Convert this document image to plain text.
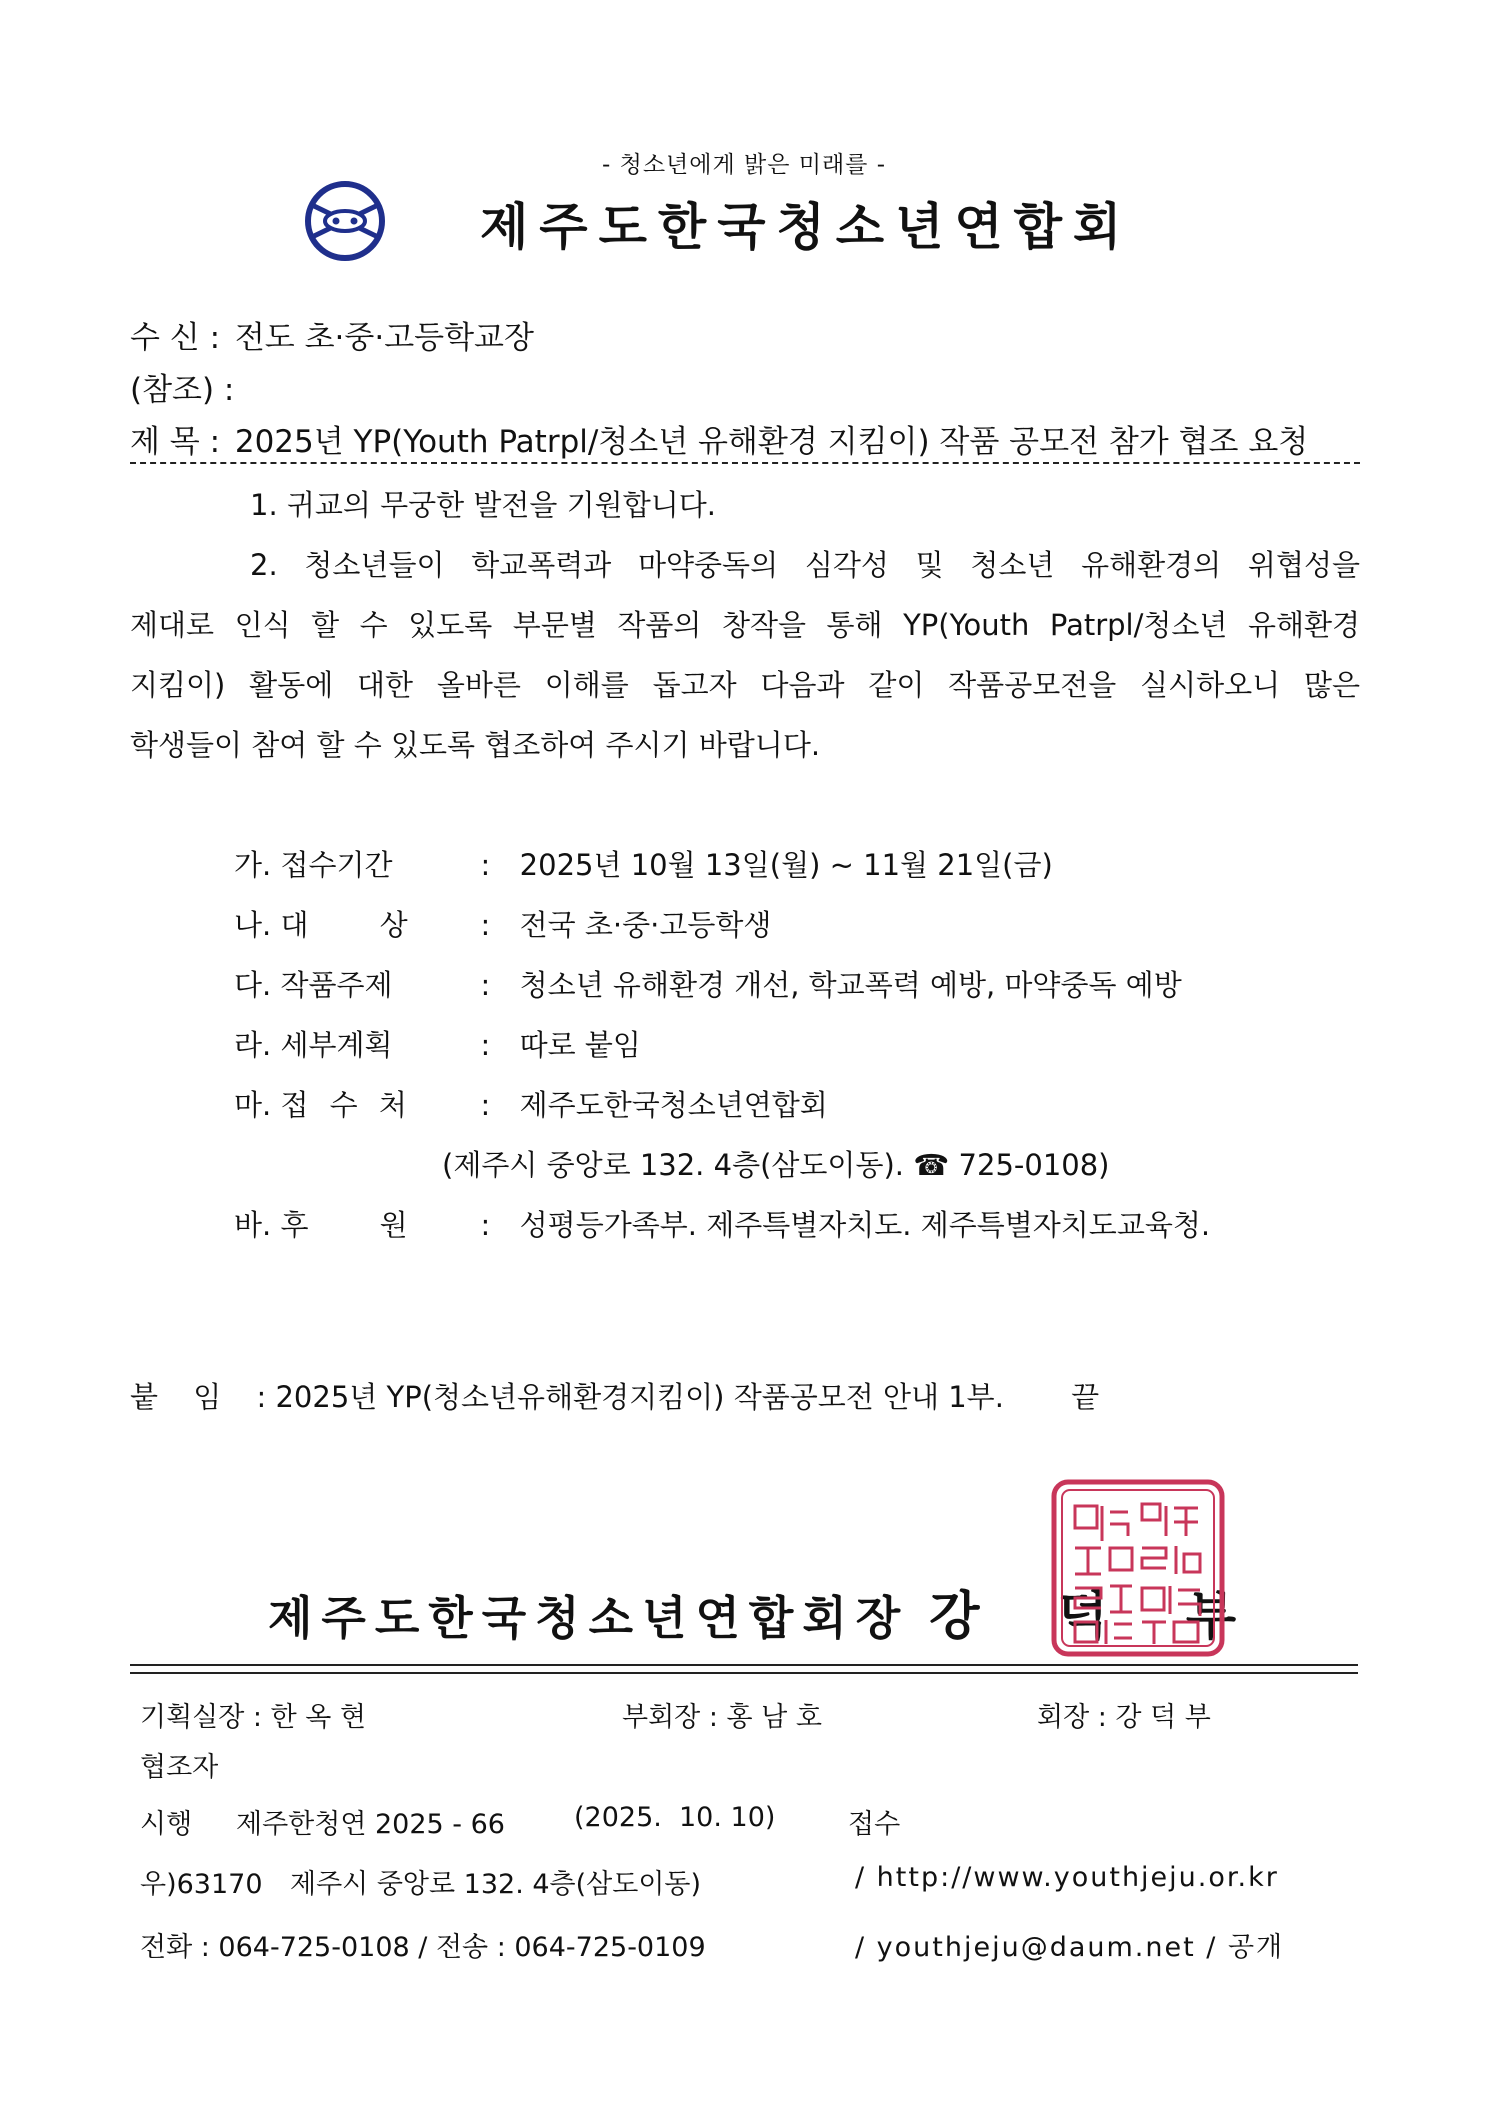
- 청소년에게 밝은 미래를 -
제주도한국청소년연합회
수 신 : 전도 초·중·고등학교장
(참조) :
제 목 : 2025년 YP(Youth Patrpl/청소년 유해환경 지킴이) 작품 공모전 참가 협조 요청
1. 귀교의 무궁한 발전을 기원합니다.
2. 청소년들이 학교폭력과 마약중독의 심각성 및 청소년 유해환경의 위협성을
제대로 인식 할 수 있도록 부문별 작품의 창작을 통해 YP(Youth Patrpl/청소년 유해환경
지킴이) 활동에 대한 올바른 이해를 돕고자 다음과 같이 작품공모전을 실시하오니 많은
학생들이 참여 할 수 있도록 협조하여 주시기 바랍니다.
가. 접수기간	: 2025년 10월 13일(월) ~ 11월 21일(금)
나. 대 상	: 전국 초·중·고등학생
다. 작품주제	: 청소년 유해환경 개선, 학교폭력 예방, 마약중독 예방
라. 세부계획	: 따로 붙임
마. 접 수 처	: 제주도한국청소년연합회
(제주시 중앙로 132. 4층(삼도이동). ☎ 725-0108)
바. 후 원	: 성평등가족부. 제주특별자치도. 제주특별자치도교육청.
붙 임 : 2025년 YP(청소년유해환경지킴이) 작품공모전 안내 1부. 끝
제주도한국청소년연합회장 강 덕 부
기획실장 : 한 옥 현	부회장 : 홍 남 호	회장 : 강 덕 부
협조자
시행 제주한청연 2025 - 66	(2025.  10. 10)	접수
우)63170 제주시 중앙로 132. 4층(삼도이동)	/ http://www.youthjeju.or.kr
전화 : 064-725-0108 / 전송 : 064-725-0109	/ youthjeju@daum.net / 공개
